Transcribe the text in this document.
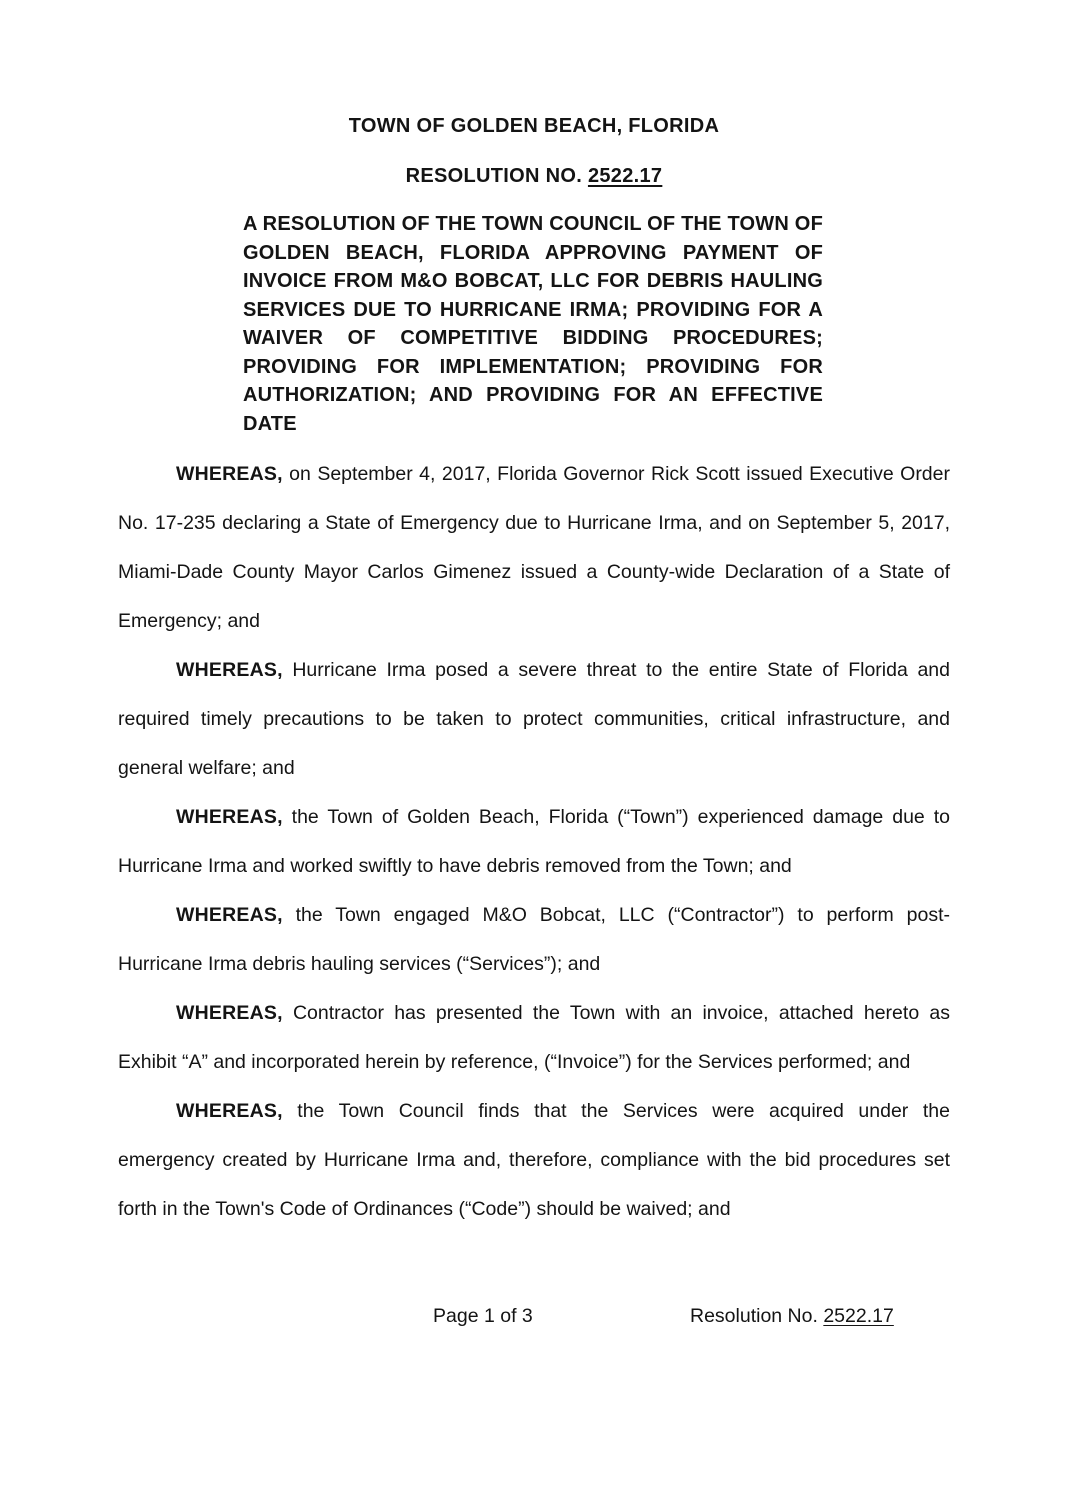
TOWN OF GOLDEN BEACH, FLORIDA
RESOLUTION NO. 2522.17

A RESOLUTION OF THE TOWN COUNCIL OF THE TOWN OF GOLDEN BEACH, FLORIDA APPROVING PAYMENT OF INVOICE FROM M&O BOBCAT, LLC FOR DEBRIS HAULING SERVICES DUE TO HURRICANE IRMA; PROVIDING FOR A WAIVER OF COMPETITIVE BIDDING PROCEDURES; PROVIDING FOR IMPLEMENTATION; PROVIDING FOR AUTHORIZATION; AND PROVIDING FOR AN EFFECTIVE DATE

WHEREAS, on September 4, 2017, Florida Governor Rick Scott issued Executive Order No. 17-235 declaring a State of Emergency due to Hurricane Irma, and on September 5, 2017, Miami-Dade County Mayor Carlos Gimenez issued a County-wide Declaration of a State of Emergency; and

WHEREAS, Hurricane Irma posed a severe threat to the entire State of Florida and required timely precautions to be taken to protect communities, critical infrastructure, and general welfare; and

WHEREAS, the Town of Golden Beach, Florida (“Town”) experienced damage due to Hurricane Irma and worked swiftly to have debris removed from the Town; and

WHEREAS, the Town engaged M&O Bobcat, LLC (“Contractor”) to perform post-Hurricane Irma debris hauling services (“Services”); and

WHEREAS, Contractor has presented the Town with an invoice, attached hereto as Exhibit “A” and incorporated herein by reference, (“Invoice”) for the Services performed; and

WHEREAS, the Town Council finds that the Services were acquired under the emergency created by Hurricane Irma and, therefore, compliance with the bid procedures set forth in the Town's Code of Ordinances (“Code”) should be waived; and

Page 1 of 3	Resolution No. 2522.17
